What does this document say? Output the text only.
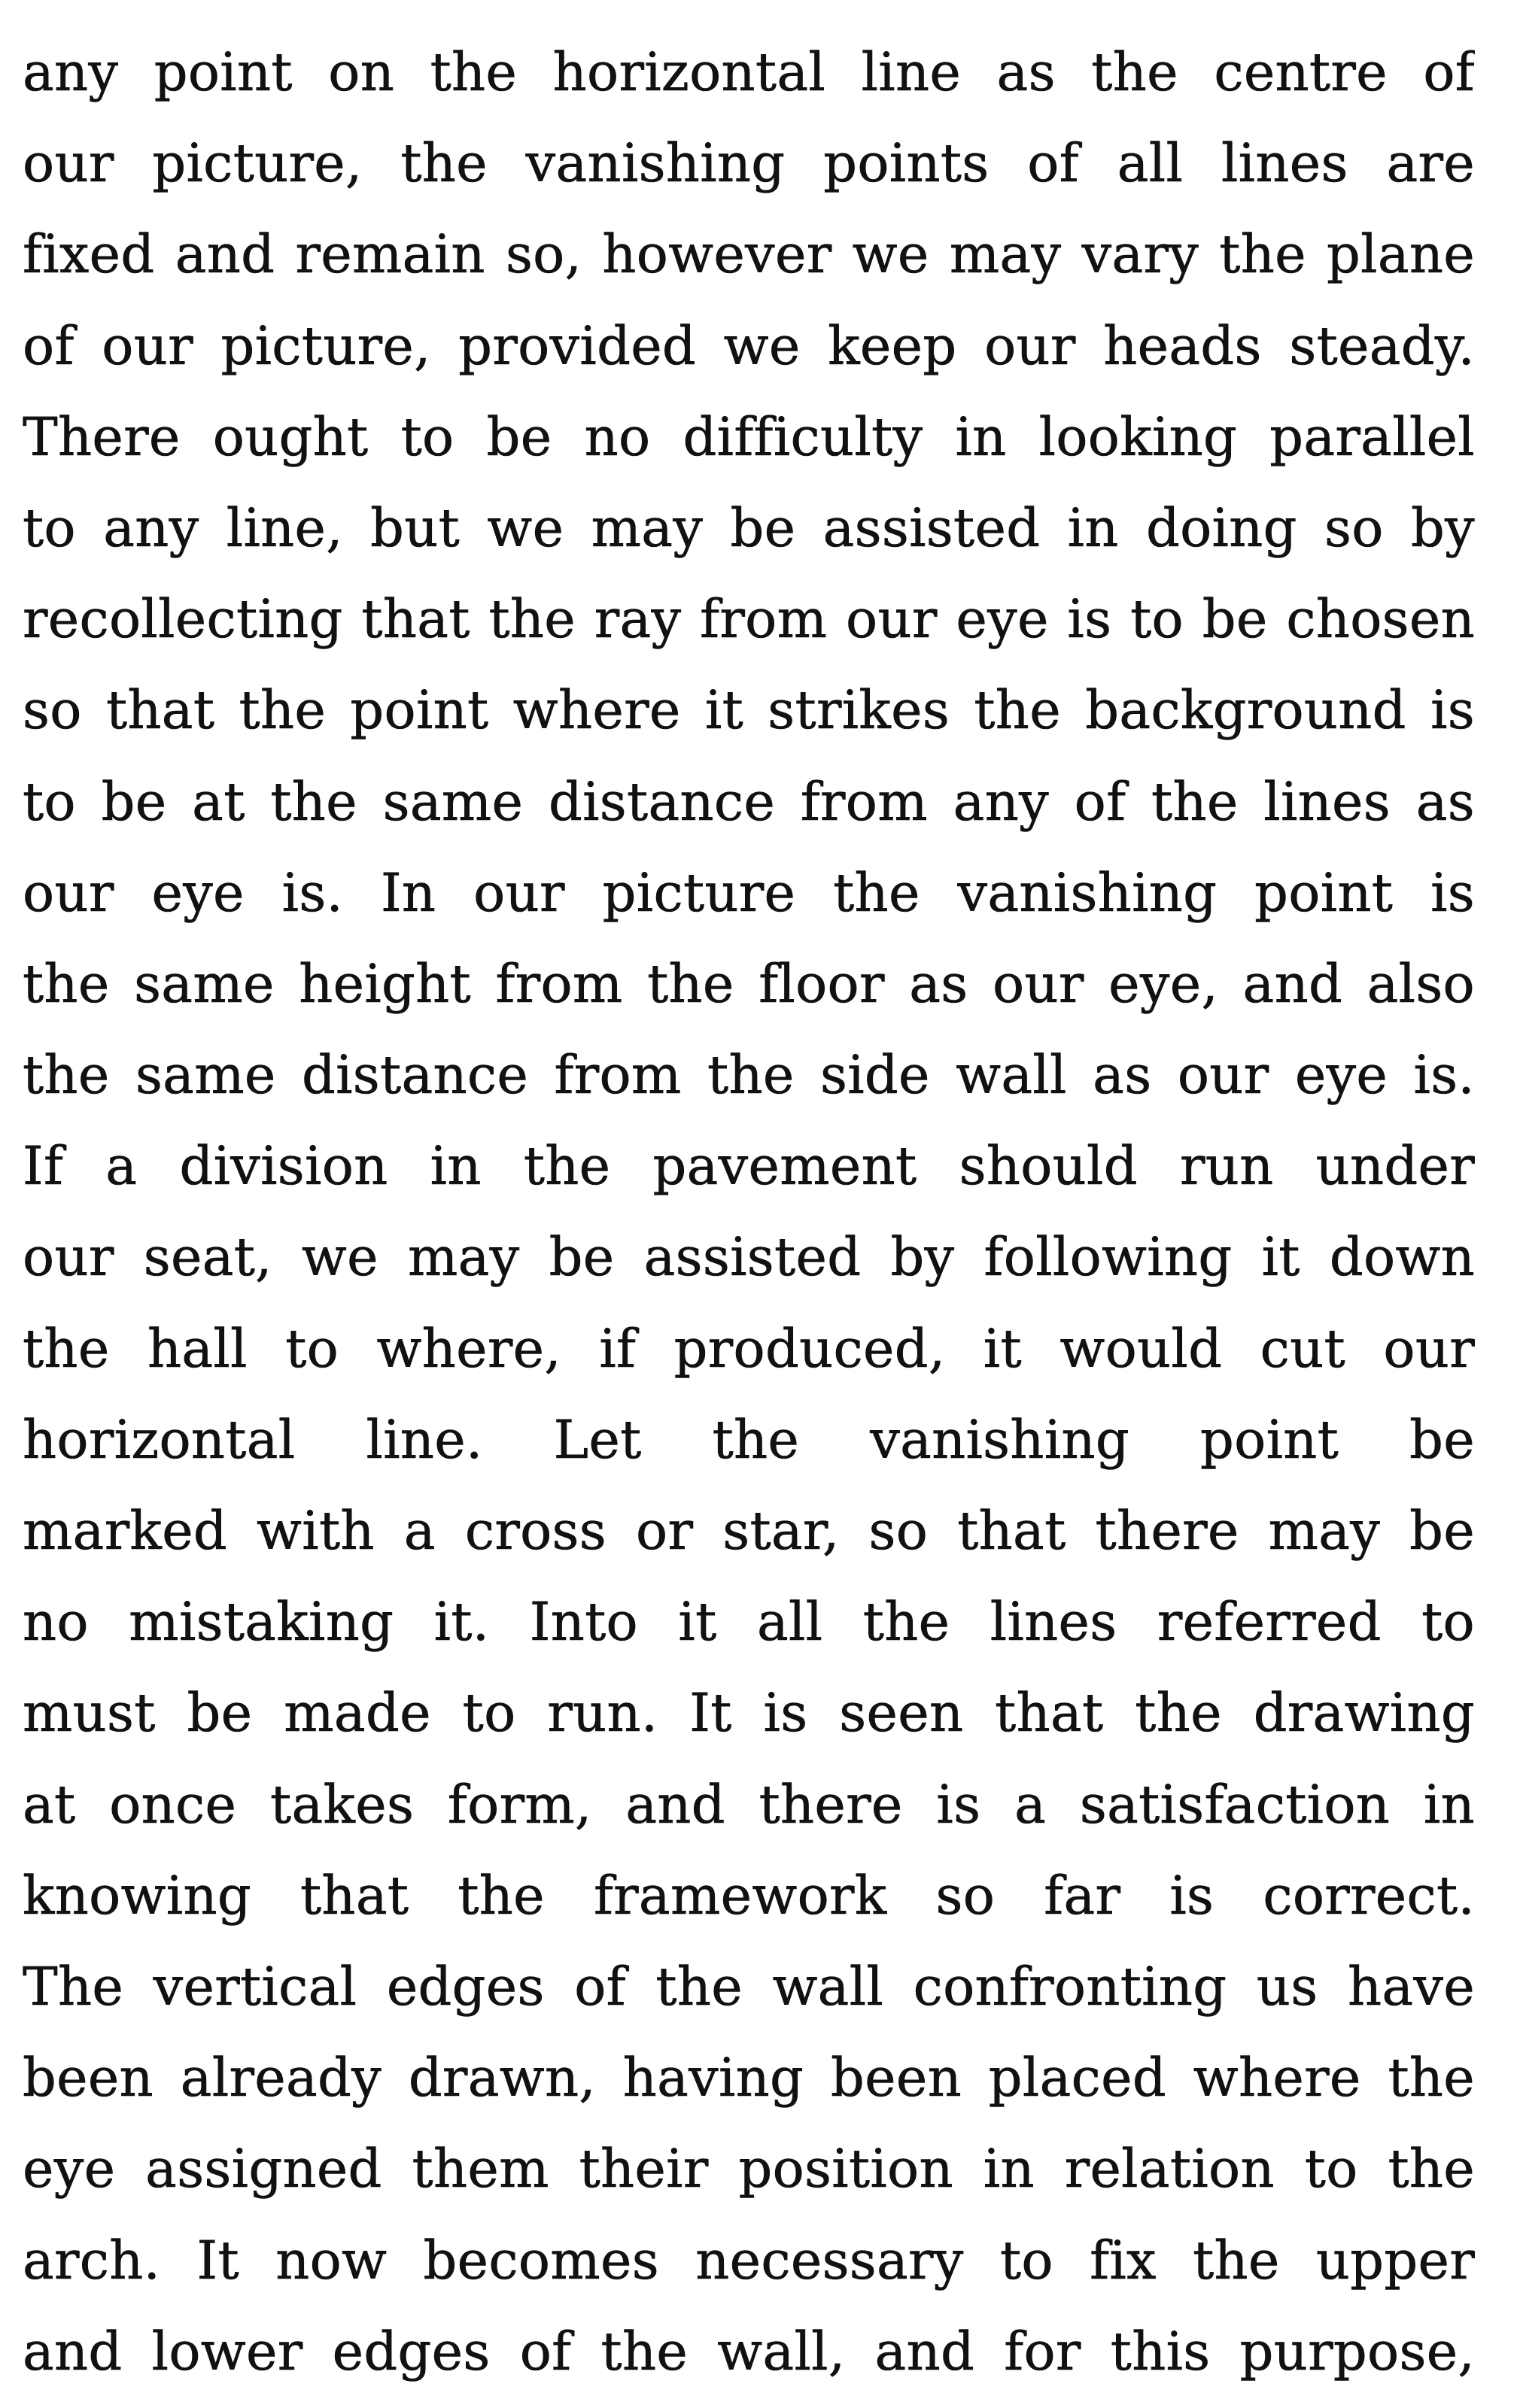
any point on the horizontal line as the centre of
our picture, the vanishing points of all lines are
fixed and remain so, however we may vary the plane
of our picture, provided we keep our heads steady.
There ought to be no difficulty in looking parallel
to any line, but we may be assisted in doing so by
recollecting that the ray from our eye is to be chosen
so that the point where it strikes the background is
to be at the same distance from any of the lines as
our eye is. In our picture the vanishing point is
the same height from the floor as our eye, and also
the same distance from the side wall as our eye is.
If a division in the pavement should run under
our seat, we may be assisted by following it down
the hall to where, if produced, it would cut our
horizontal line. Let the vanishing point be
marked with a cross or star, so that there may be
no mistaking it. Into it all the lines referred to
must be made to run. It is seen that the drawing
at once takes form, and there is a satisfaction in
knowing that the framework so far is correct.
The vertical edges of the wall confronting us have
been already drawn, having been placed where the
eye assigned them their position in relation to the
arch. It now becomes necessary to fix the upper
and lower edges of the wall, and for this purpose,
